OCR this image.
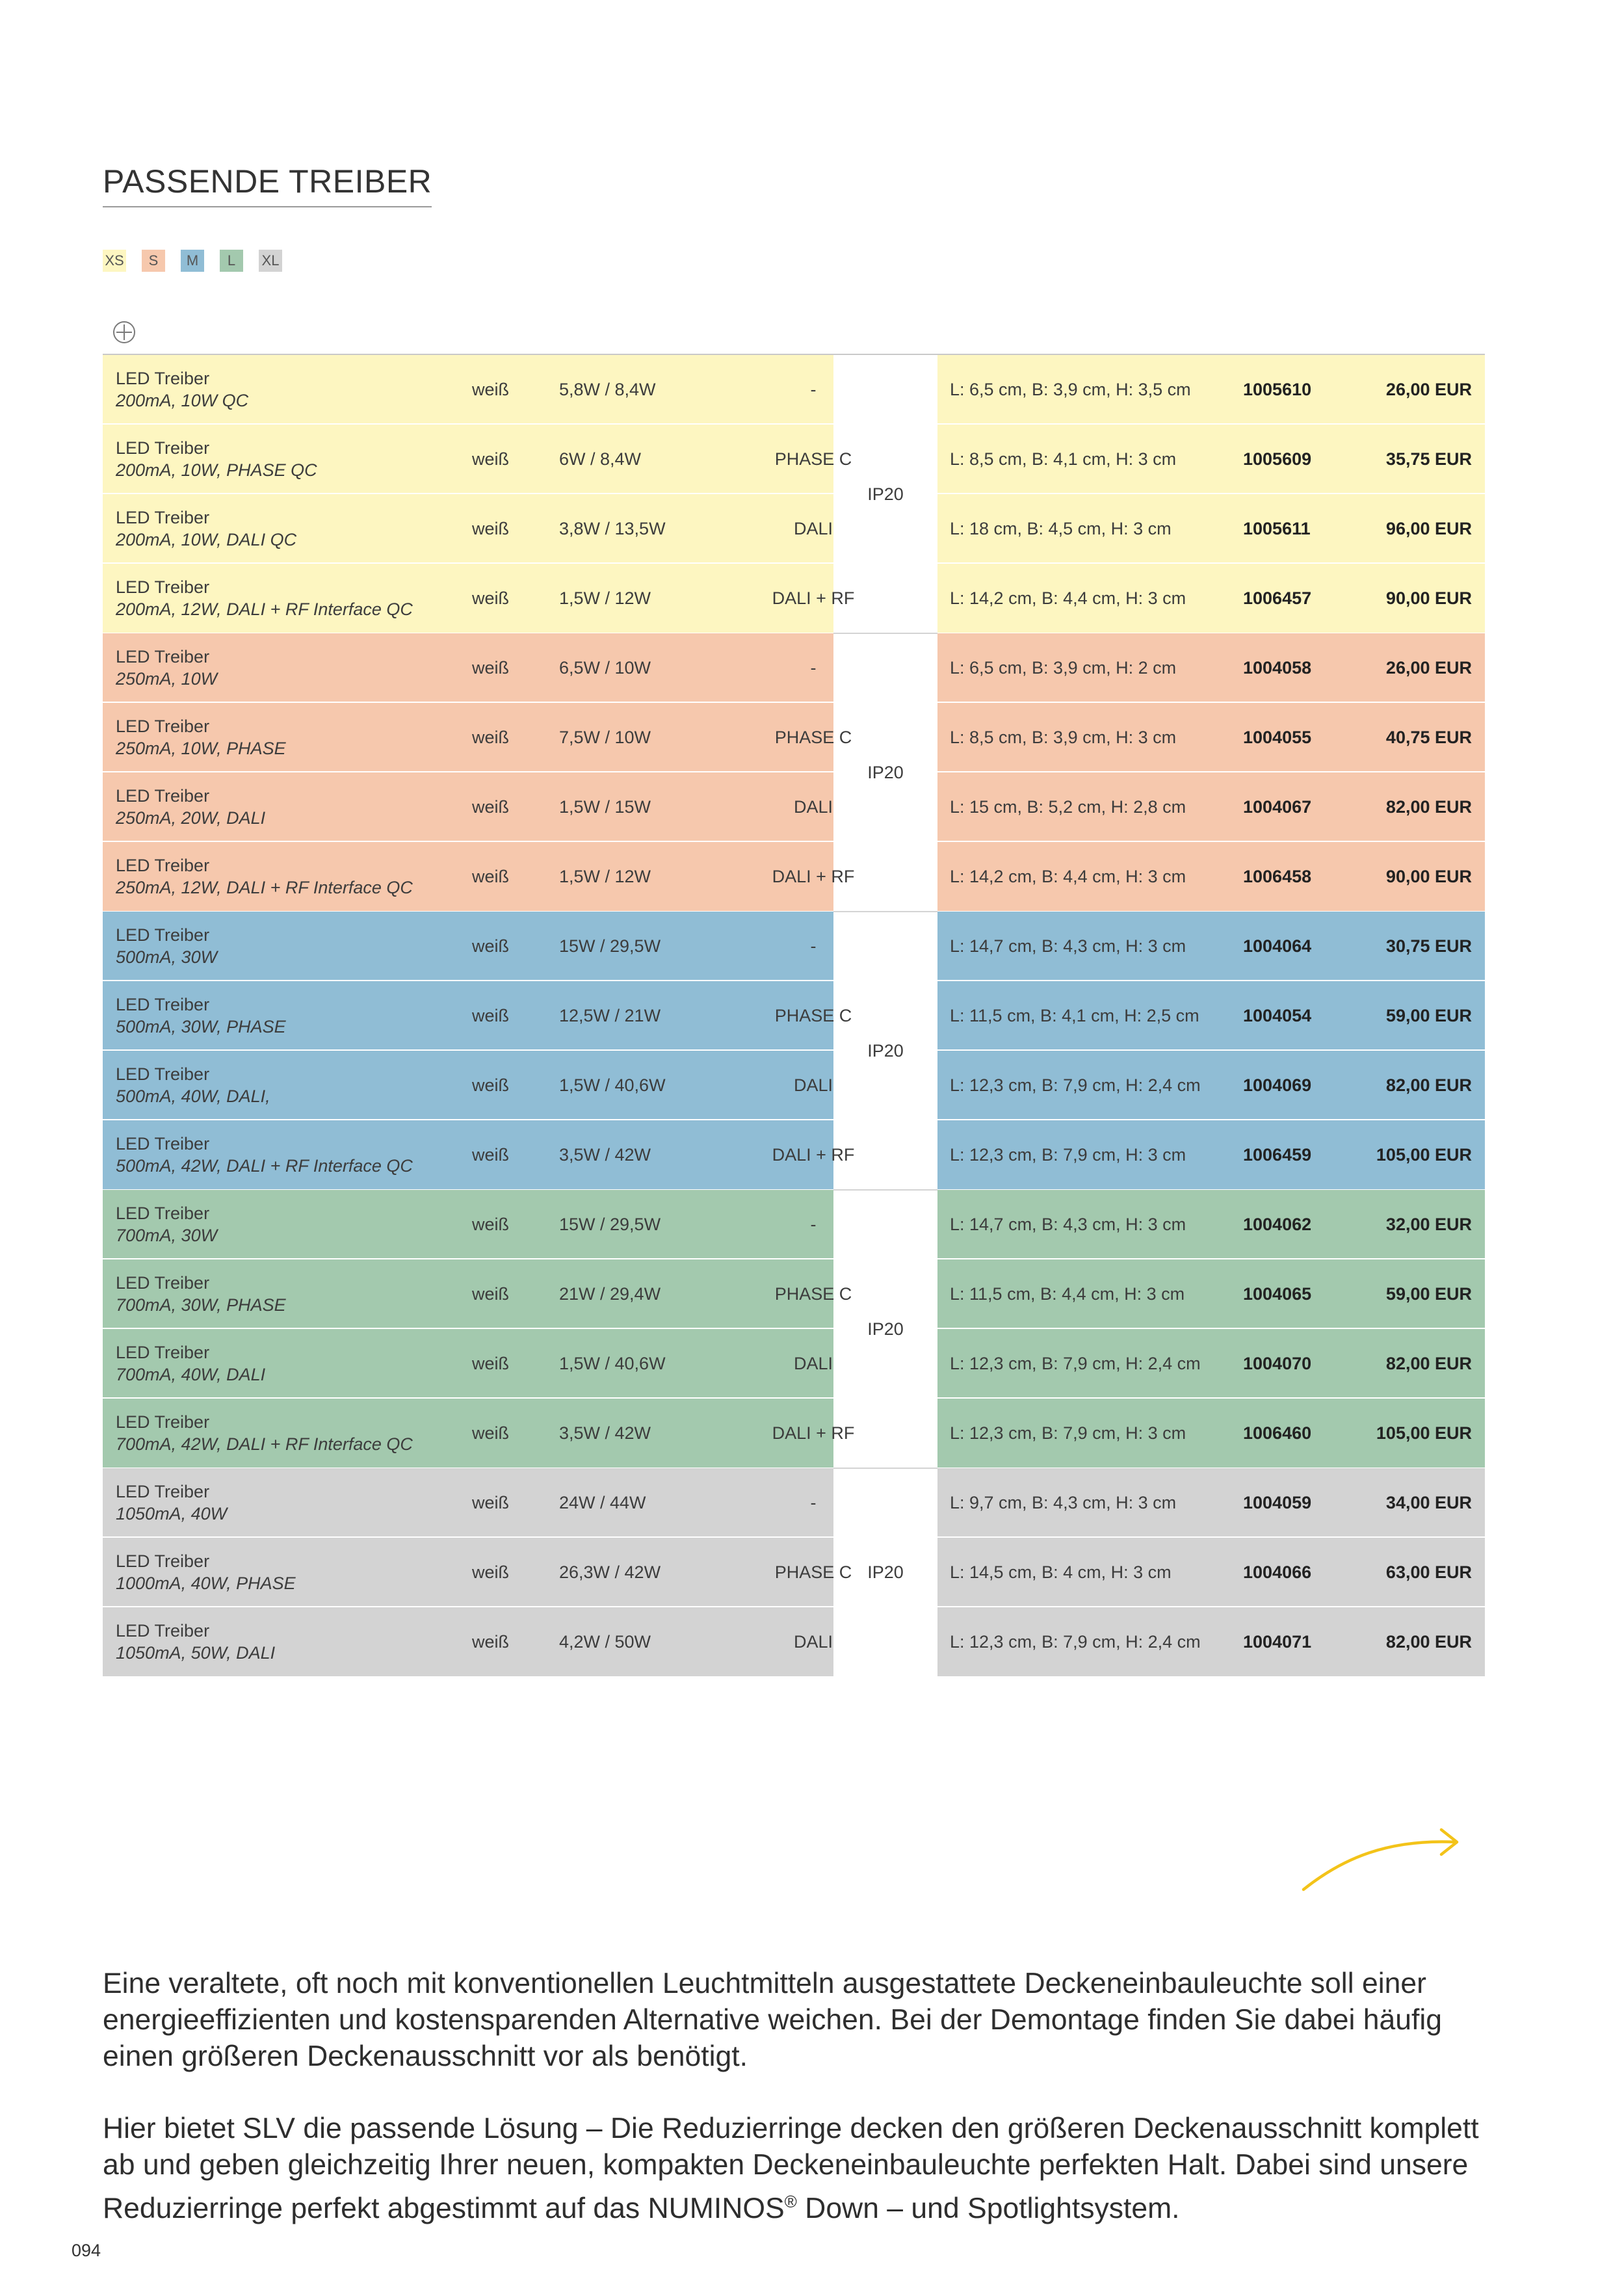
PASSENDE TREIBER
XS	S	M	L	XL
LED Treiber
200mA, 10W QC
weiß	5,8W / 8,4W	-	L: 6,5 cm, B: 3,9 cm, H: 3,5 cm	1005610	26,00 EUR
LED Treiber
200mA, 10W, PHASE QC
weiß	6W / 8,4W	PHASE C	L: 8,5 cm, B: 4,1 cm, H: 3 cm	1005609	35,75 EUR
LED Treiber
200mA, 10W, DALI QC
weiß	3,8W / 13,5W	DALI	L: 18 cm, B: 4,5 cm, H: 3 cm	1005611	96,00 EUR
LED Treiber
200mA, 12W, DALI + RF Interface QC
weiß	1,5W / 12W	DALI + RF	L: 14,2 cm, B: 4,4 cm, H: 3 cm	1006457	90,00 EUR
IP20
LED Treiber
250mA, 10W
weiß	6,5W / 10W	-	L: 6,5 cm, B: 3,9 cm, H: 2 cm	1004058	26,00 EUR
LED Treiber
250mA, 10W, PHASE
weiß	7,5W / 10W	PHASE C	L: 8,5 cm, B: 3,9 cm, H: 3 cm	1004055	40,75 EUR
LED Treiber
250mA, 20W, DALI
weiß	1,5W / 15W	DALI	L: 15 cm, B: 5,2 cm, H: 2,8 cm	1004067	82,00 EUR
LED Treiber
250mA, 12W, DALI + RF Interface QC
weiß	1,5W / 12W	DALI + RF	L: 14,2 cm, B: 4,4 cm, H: 3 cm	1006458	90,00 EUR
IP20
LED Treiber
500mA, 30W
weiß	15W / 29,5W	-	L: 14,7 cm, B: 4,3 cm, H: 3 cm	1004064	30,75 EUR
LED Treiber
500mA, 30W, PHASE
weiß	12,5W / 21W	PHASE C	L: 11,5 cm, B: 4,1 cm, H: 2,5 cm 1004054	59,00 EUR
LED Treiber
500mA, 40W, DALI,
weiß	1,5W / 40,6W	DALI	L: 12,3 cm, B: 7,9 cm, H: 2,4 cm 1004069	82,00 EUR
LED Treiber
500mA, 42W, DALI + RF Interface QC
weiß	3,5W / 42W	DALI + RF	L: 12,3 cm, B: 7,9 cm, H: 3 cm	1006459	105,00 EUR
IP20
LED Treiber
700mA, 30W
weiß	15W / 29,5W	-	L: 14,7 cm, B: 4,3 cm, H: 3 cm	1004062	32,00 EUR
LED Treiber
700mA, 30W, PHASE
weiß	21W / 29,4W	PHASE C	L: 11,5 cm, B: 4,4 cm, H: 3 cm	1004065	59,00 EUR
LED Treiber
700mA, 40W, DALI
weiß	1,5W / 40,6W	DALI	L: 12,3 cm, B: 7,9 cm, H: 2,4 cm 1004070	82,00 EUR
LED Treiber
700mA, 42W, DALI + RF Interface QC
weiß	3,5W / 42W	DALI + RF	L: 12,3 cm, B: 7,9 cm, H: 3 cm	1006460	105,00 EUR
IP20
LED Treiber
1050mA, 40W
weiß	24W / 44W	-	L: 9,7 cm, B: 4,3 cm, H: 3 cm	1004059	34,00 EUR
LED Treiber
1000mA, 40W, PHASE
weiß	26,3W / 42W	PHASE C	L: 14,5 cm, B: 4 cm, H: 3 cm	1004066	63,00 EUR
LED Treiber
1050mA, 50W, DALI
weiß	4,2W / 50W	DALI	L: 12,3 cm, B: 7,9 cm, H: 2,4 cm 1004071	82,00 EUR
IP20

Eine veraltete, oft noch mit konventionellen Leuchtmitteln ausgestattete Deckeneinbauleuchte soll einer energieeffizienten und kostensparenden Alternative weichen. Bei der Demontage finden Sie dabei häufig einen größeren Deckenausschnitt vor als benötigt.

Hier bietet SLV die passende Lösung – Die Reduzierringe decken den größeren Deckenausschnitt komplett ab und geben gleichzeitig Ihrer neuen, kompakten Deckeneinbauleuchte perfekten Halt. Dabei sind unsere Reduzierringe perfekt abgestimmt auf das NUMINOS® Down – und Spotlightsystem.

094
